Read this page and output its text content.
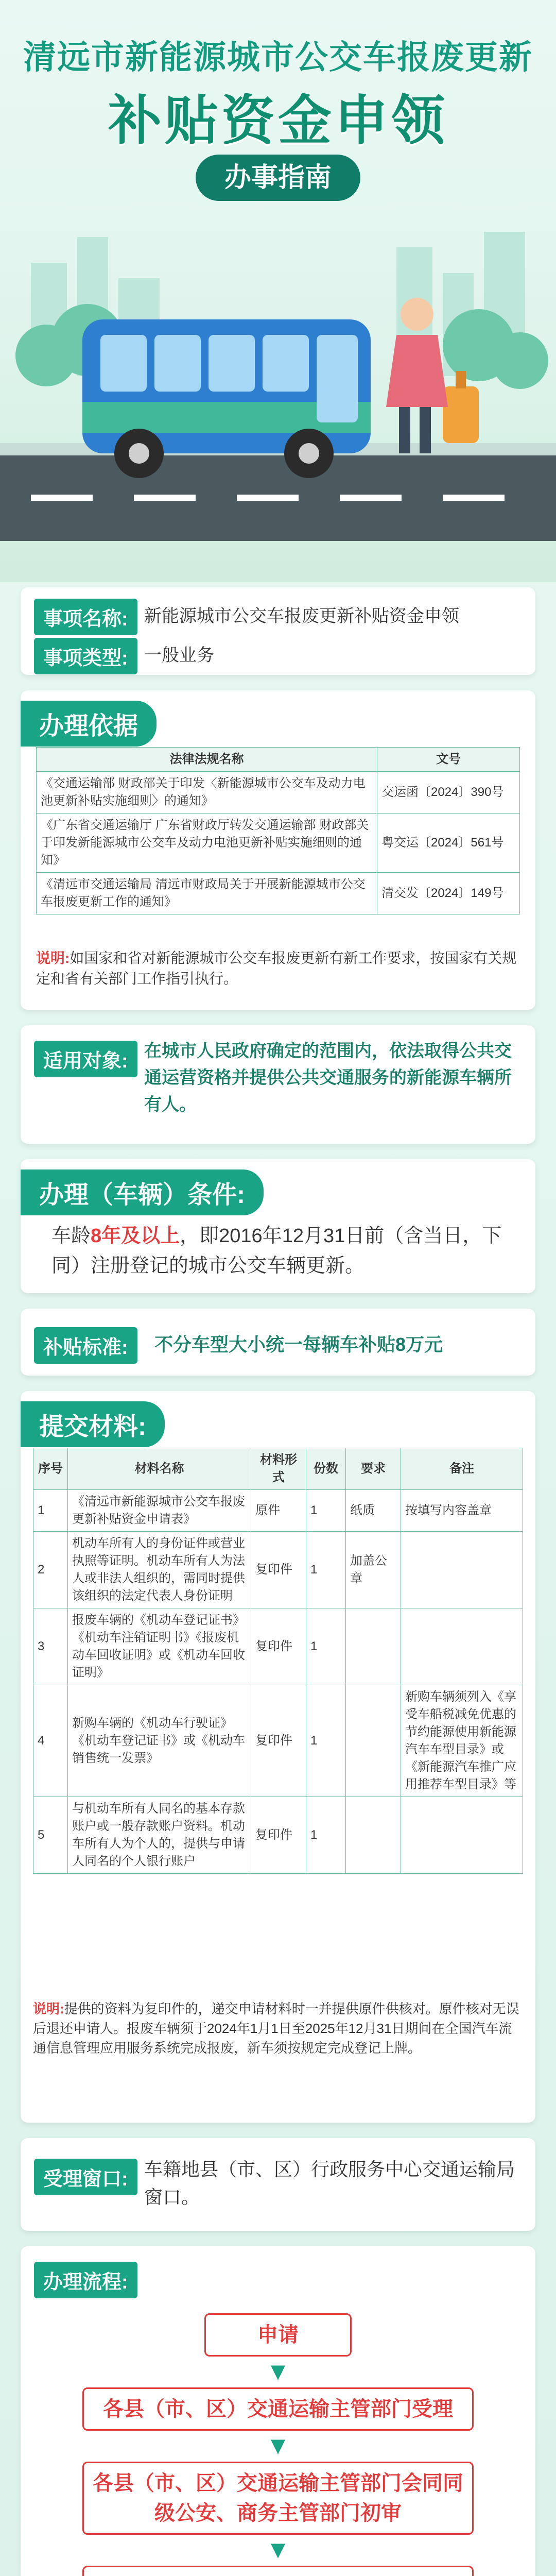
清远市新能源城市公交车报废更新
补贴资金申领
办事指南
事项名称: 新能源城市公交车报废更新补贴资金申领
事项类型: 一般业务
办理依据
法律法规名称	文号
《交通运输部 财政部关于印发〈新能源城市公交车及动力电池更新补贴实施细则〉的通知》	交运函〔2024〕390号
《广东省交通运输厅 广东省财政厅转发交通运输部 财政部关于印发新能源城市公交车及动力电池更新补贴实施细则的通知》	粤交运〔2024〕561号
《清远市交通运输局 清远市财政局关于开展新能源城市公交车报废更新工作的通知》	清交发〔2024〕149号
说明:如国家和省对新能源城市公交车报废更新有新工作要求，按国家有关规定和省有关部门工作指引执行。
适用对象: 在城市人民政府确定的范围内，依法取得公共交通运营资格并提供公共交通服务的新能源车辆所有人。
办理（车辆）条件:
车龄8年及以上，即2016年12月31日前（含当日，下同）注册登记的城市公交车辆更新。
补贴标准:	不分车型大小统一每辆车补贴8万元
提交材料:
序号	材料名称	材料形式	份数	要求	备注
1	《清远市新能源城市公交车报废更新补贴资金申请表》	原件	1	纸质	按填写内容盖章
2	机动车所有人的身份证件或营业执照等证明。机动车所有人为法人或非法人组织的，需同时提供该组织的法定代表人身份证明	复印件	1	加盖公章	
3	报废车辆的《机动车登记证书》《机动车注销证明书》《报废机动车回收证明》或《机动车回收证明》	复印件	1		
4	新购车辆的《机动车行驶证》《机动车登记证书》或《机动车销售统一发票》	复印件	1		新购车辆须列入《享受车船税减免优惠的节约能源使用新能源汽车车型目录》或《新能源汽车推广应用推荐车型目录》等
5	与机动车所有人同名的基本存款账户或一般存款账户资料。机动车所有人为个人的，提供与申请人同名的个人银行账户	复印件	1		
说明:提供的资料为复印件的，递交申请材料时一并提供原件供核对。原件核对无误后退还申请人。报废车辆须于2024年1月1日至2025年12月31日期间在全国汽车流通信息管理应用服务系统完成报废，新车须按规定完成登记上牌。
受理窗口: 车籍地县（市、区）行政服务中心交通运输局窗口。
办理流程:
申请
▼
各县（市、区）交通运输主管部门受理
▼
各县（市、区）交通运输主管部门会同同级公安、商务主管部门初审
▼
